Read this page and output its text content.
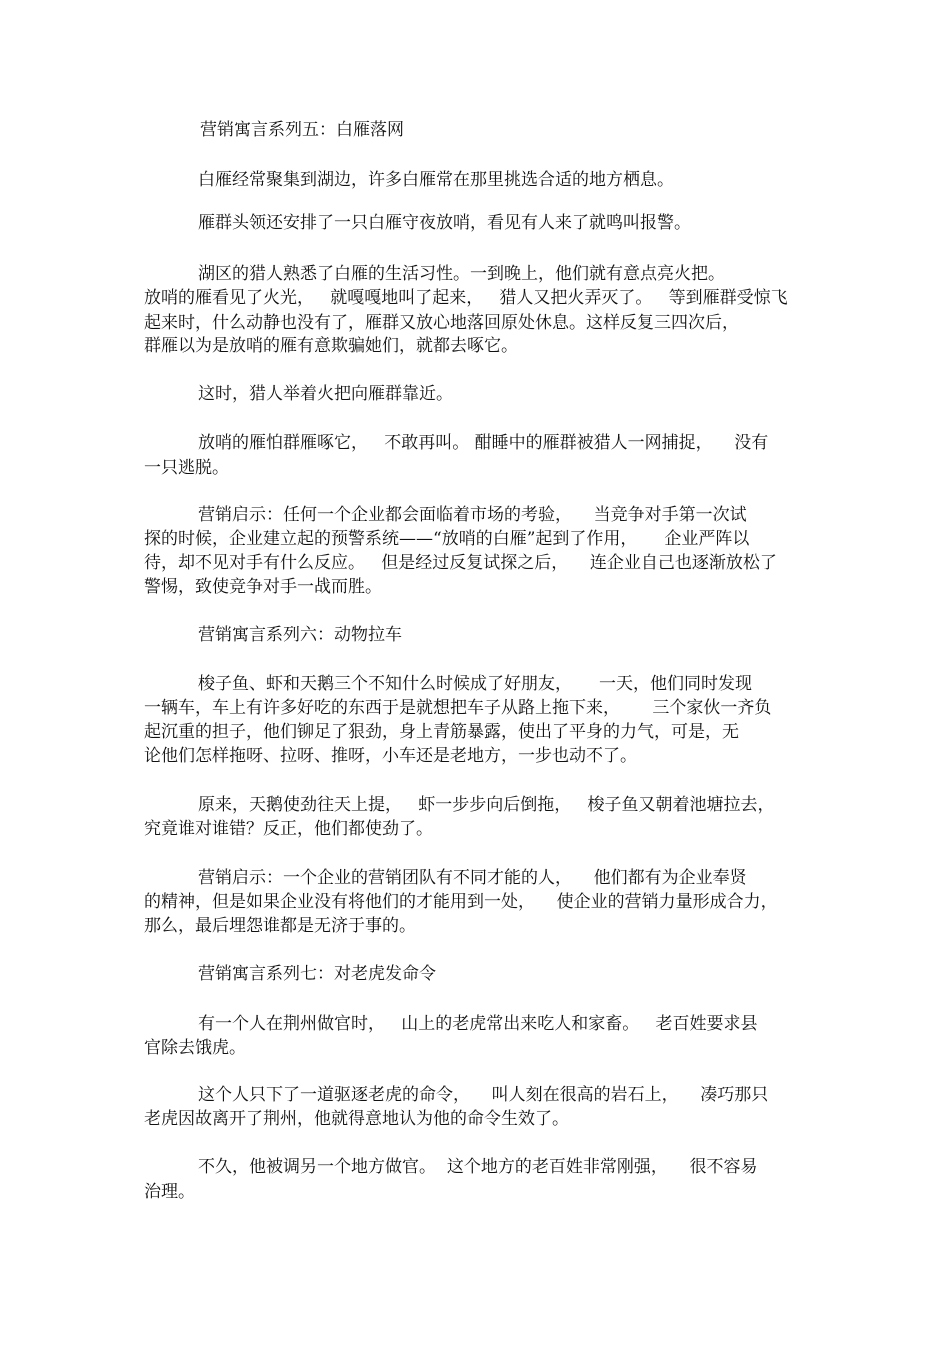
营销寓言系列五：白雁落网
白雁经常聚集到湖边，许多白雁常在那里挑选合适的地方栖息。
雁群头领还安排了一只白雁守夜放哨，看见有人来了就鸣叫报警。
湖区的猎人熟悉了白雁的生活习性。一到晚上，他们就有意点亮火把。
放哨的雁看见了火光，   就嘎嘎地叫了起来，   猎人又把火弄灭了。   等到雁群受惊飞
起来时，什么动静也没有了，雁群又放心地落回原处休息。这样反复三四次后，
群雁以为是放哨的雁有意欺骗她们，就都去啄它。
这时，猎人举着火把向雁群靠近。
放哨的雁怕群雁啄它，   不敢再叫。 酣睡中的雁群被猎人一网捕捉，    没有
一只逃脱。
营销启示：任何一个企业都会面临着市场的考验，    当竞争对手第一次试
探的时候，企业建立起的预警系统——“放哨的白雁”起到了作用，     企业严阵以
待，却不见对手有什么反应。   但是经过反复试探之后，    连企业自己也逐渐放松了
警惕，致使竞争对手一战而胜。
营销寓言系列六：动物拉车
梭子鱼、虾和天鹅三个不知什么时候成了好朋友，     一天，他们同时发现
一辆车，车上有许多好吃的东西于是就想把车子从路上拖下来，      三个家伙一齐负
起沉重的担子，他们铆足了狠劲，身上青筋暴露，使出了平身的力气，可是，无
论他们怎样拖呀、拉呀、推呀，小车还是老地方，一步也动不了。
原来，天鹅使劲往天上提，   虾一步步向后倒拖，   梭子鱼又朝着池塘拉去，
究竟谁对谁错？反正，他们都使劲了。
营销启示：一个企业的营销团队有不同才能的人，    他们都有为企业奉贤
的精神，但是如果企业没有将他们的才能用到一处，    使企业的营销力量形成合力，
那么，最后埋怨谁都是无济于事的。
营销寓言系列七：对老虎发命令
有一个人在荆州做官时，   山上的老虎常出来吃人和家畜。   老百姓要求县
官除去饿虎。
这个人只下了一道驱逐老虎的命令，    叫人刻在很高的岩石上，    凑巧那只
老虎因故离开了荆州，他就得意地认为他的命令生效了。
不久，他被调另一个地方做官。  这个地方的老百姓非常刚强，    很不容易
治理。
